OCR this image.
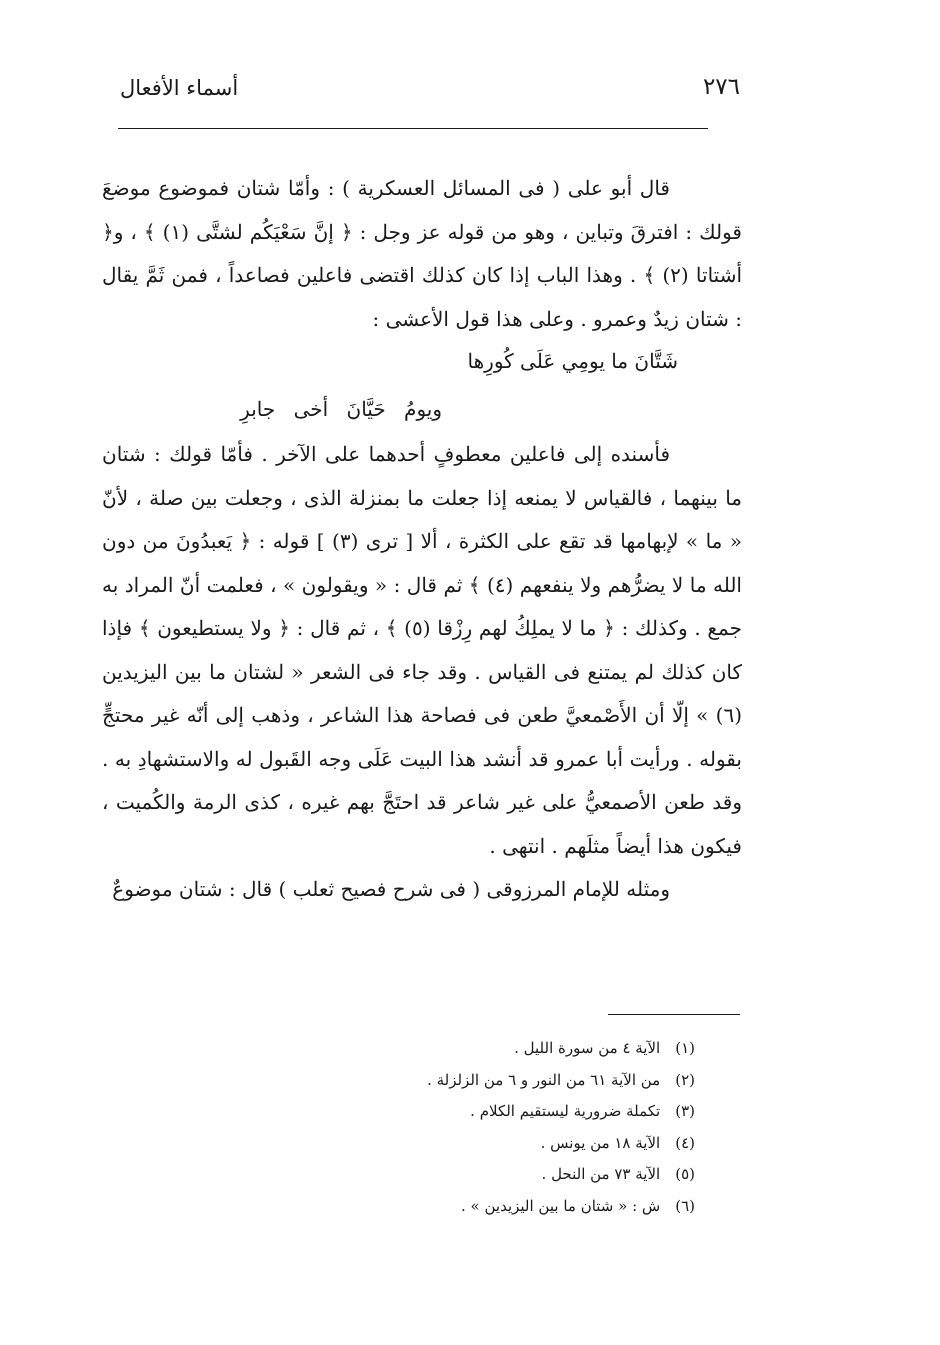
أسماء الأفعال	٢٧٦

قال أبو على ( فى المسائل العسكرية ) : وأمّا شتان فموضوع موضعَ قولك : افترقَ وتباين ، وهو من قوله عز وجل : ﴿ إنَّ سَعْيَكُم لشتَّى (١) ﴾ ، و﴿ أشتاتا (٢) ﴾ . وهذا الباب إذا كان كذلك اقتضى فاعلين فصاعداً ، فمن ثَمَّ يقال : شتان زيدٌ وعمرو . وعلى هذا قول الأعشى :

شَتَّانَ ما يومِي عَلَى كُورِها
ويومُ حَيَّانَ أخى جابرِ

فأسنده إلى فاعلين معطوفٍ أحدهما على الآخر . فأمّا قولك : شتان ما بينهما ، فالقياس لا يمنعه إذا جعلت ما بمنزلة الذى ، وجعلت بين صلة ، لأنّ « ما » لإبهامها قد تقع على الكثرة ، ألا [ ترى (٣) ] قوله : ﴿ يَعبدُونَ من دون الله ما لا يضرُّهم ولا ينفعهم (٤) ﴾ ثم قال : « ويقولون » ، فعلمت أنّ المراد به جمع . وكذلك : ﴿ ما لا يملِكُ لهم رِزْقا (٥) ﴾ ، ثم قال : ﴿ ولا يستطيعون ﴾ فإذا كان كذلك لم يمتنع فى القياس . وقد جاء فى الشعر « لشتان ما بين اليزيدين (٦) » إلّا أن الأَصْمعيَّ طعن فى فصاحة هذا الشاعر ، وذهب إلى أنّه غير محتجٍّ بقوله . ورأيت أبا عمرو قد أنشد هذا البيت عَلَى وجه القَبول له والاستشهادِ به . وقد طعن الأصمعيُّ على غير شاعر قد احتَجَّ بهم غيره ، كذى الرمة والكُميت ، فيكون هذا أيضاً مثلَهم . انتهى .

ومثله للإمام المرزوقى ( فى شرح فصيح ثعلب ) قال : شتان موضوعٌ

(١) الآية ٤ من سورة الليل .
(٢) من الآية ٦١ من النور و ٦ من الزلزلة .
(٣) تكملة ضرورية ليستقيم الكلام .
(٤) الآية ١٨ من يونس .
(٥) الآية ٧٣ من النحل .
(٦) ش : « شتان ما بين اليزيدين » .
